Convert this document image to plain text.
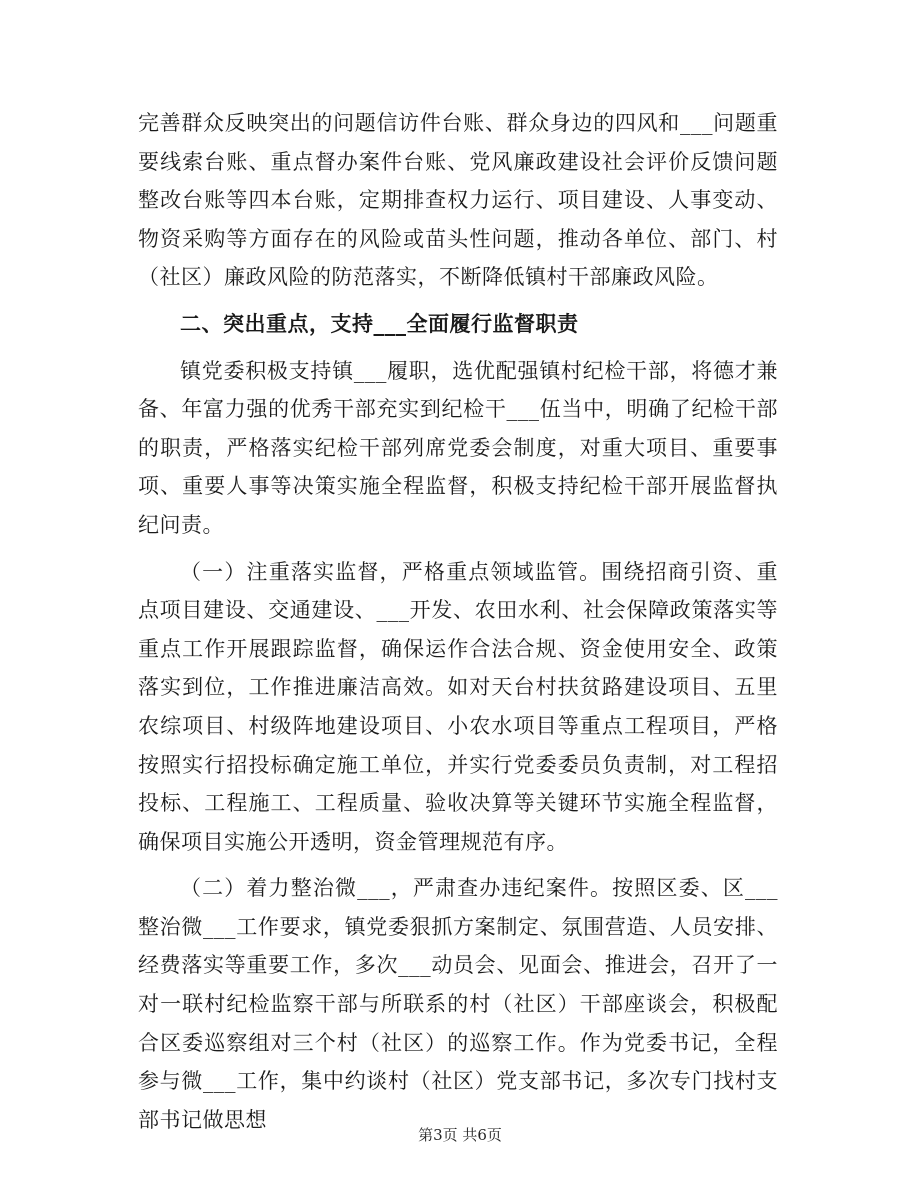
完善群众反映突出的问题信访件台账、群众身边的四风和___问题重要线索台账、重点督办案件台账、党风廉政建设社会评价反馈问题整改台账等四本台账，定期排查权力运行、项目建设、人事变动、物资采购等方面存在的风险或苗头性问题，推动各单位、部门、村（社区）廉政风险的防范落实，不断降低镇村干部廉政风险。

二、突出重点，支持___全面履行监督职责

镇党委积极支持镇___履职，选优配强镇村纪检干部，将德才兼备、年富力强的优秀干部充实到纪检干___伍当中，明确了纪检干部的职责，严格落实纪检干部列席党委会制度，对重大项目、重要事项、重要人事等决策实施全程监督，积极支持纪检干部开展监督执纪问责。

（一）注重落实监督，严格重点领域监管。围绕招商引资、重点项目建设、交通建设、___开发、农田水利、社会保障政策落实等重点工作开展跟踪监督，确保运作合法合规、资金使用安全、政策落实到位，工作推进廉洁高效。如对天台村扶贫路建设项目、五里农综项目、村级阵地建设项目、小农水项目等重点工程项目，严格按照实行招投标确定施工单位，并实行党委委员负责制，对工程招投标、工程施工、工程质量、验收决算等关键环节实施全程监督，确保项目实施公开透明，资金管理规范有序。

（二）着力整治微___，严肃查办违纪案件。按照区委、区___整治微___工作要求，镇党委狠抓方案制定、氛围营造、人员安排、经费落实等重要工作，多次___动员会、见面会、推进会，召开了一对一联村纪检监察干部与所联系的村（社区）干部座谈会，积极配合区委巡察组对三个村（社区）的巡察工作。作为党委书记，全程参与微___工作，集中约谈村（社区）党支部书记，多次专门找村支部书记做思想

第3页 共6页
